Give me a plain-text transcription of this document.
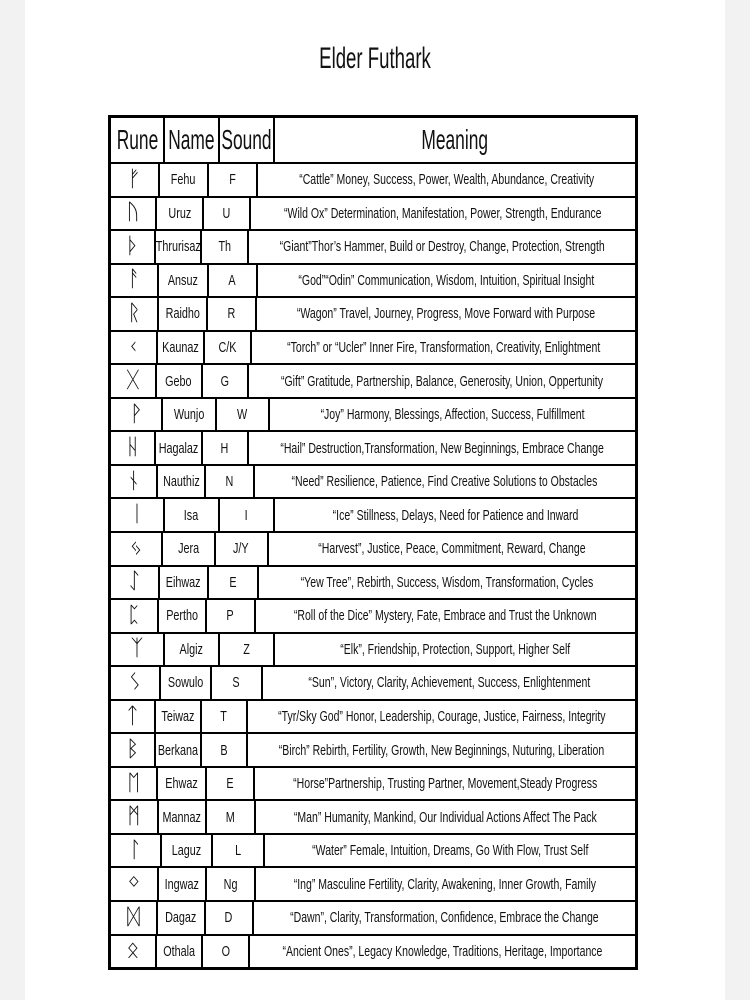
Elder Futhark
Rune Name Sound	Meaning
ᚠ Fehu F	“Cattle” Money, Success, Power, Wealth, Abundance, Creativity
ᚢ Uruz U	“Wild Ox” Determination, Manifestation, Power, Strength, Endurance
ᚦ Thrurisaz Th	“Giant”Thor’s Hammer, Build or Destroy, Change, Protection, Strength
ᚨ Ansuz A	“God”“Odin” Communication, Wisdom, Intuition, Spiritual Insight
ᚱ Raidho R	“Wagon” Travel, Journey, Progress, Move Forward with Purpose
ᚲ Kaunaz C/K	“Torch” or “Ucler” Inner Fire, Transformation, Creativity, Enlightment
ᚷ Gebo G	“Gift” Gratitude, Partnership, Balance, Generosity, Union, Oppertunity
ᚹ Wunjo W	“Joy” Harmony, Blessings, Affection, Success, Fulfillment
ᚺ Hagalaz H	“Hail” Destruction,Transformation, New Beginnings, Embrace Change
ᚾ Nauthiz N	“Need” Resilience, Patience, Find Creative Solutions to Obstacles
ᛁ	Isa	I	“Ice” Stillness, Delays, Need for Patience and Inward
ᛃ Jera J/Y	“Harvest”, Justice, Peace, Commitment, Reward, Change
ᛇ Eihwaz E	“Yew Tree”, Rebirth, Success, Wisdom, Transformation, Cycles
ᛈ Pertho P	“Roll of the Dice” Mystery, Fate, Embrace and Trust the Unknown
ᛉ Algiz	Z	“Elk”, Friendship, Protection, Support, Higher Self
ᛊ Sowulo S	“Sun”, Victory, Clarity, Achievement, Success, Enlightenment
ᛏ Teiwaz T	“Tyr/Sky God” Honor, Leadership, Courage, Justice, Fairness, Integrity
ᛒ Berkana B	“Birch” Rebirth, Fertility, Growth, New Beginnings, Nuturing, Liberation
ᛖ Ehwaz E	“Horse”Partnership, Trusting Partner, Movement,Steady Progress
ᛗ Mannaz M	“Man” Humanity, Mankind, Our Individual Actions Affect The Pack
ᛚ Laguz L	“Water” Female, Intuition, Dreams, Go With Flow, Trust Self
ᛜ Ingwaz Ng	“Ing” Masculine Fertility, Clarity, Awakening, Inner Growth, Family
ᛞ Dagaz D	“Dawn”, Clarity, Transformation, Confidence, Embrace the Change
ᛟ Othala O	“Ancient Ones”, Legacy Knowledge, Traditions, Heritage, Importance
